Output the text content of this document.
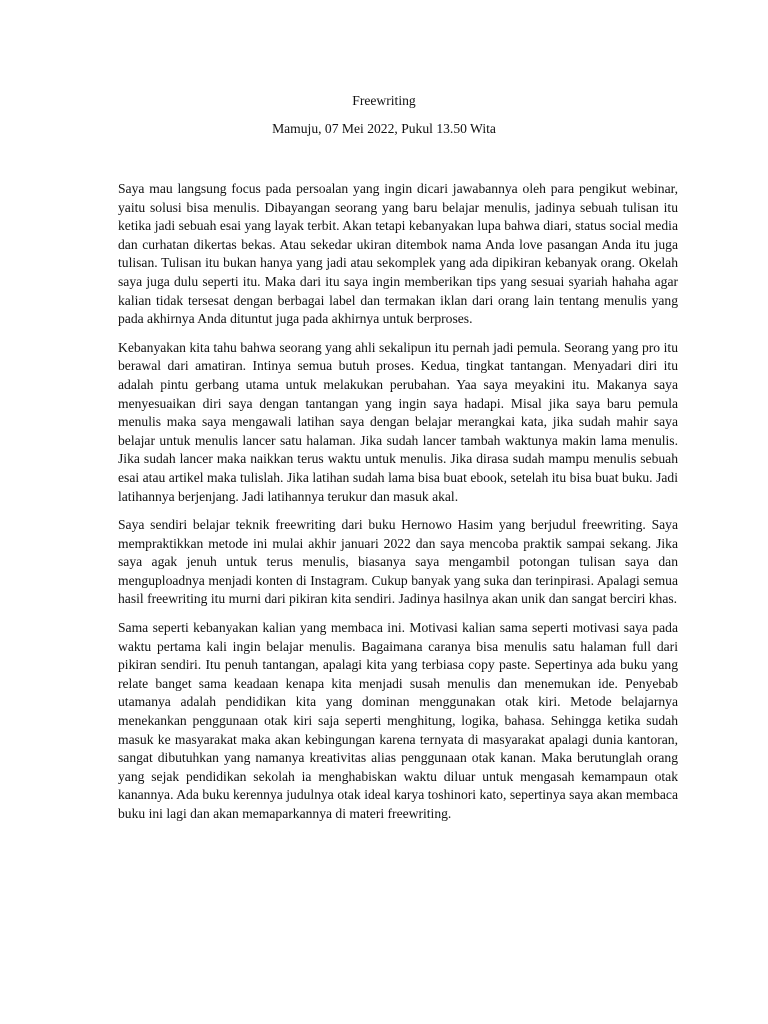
Freewriting
Mamuju, 07 Mei 2022, Pukul 13.50 Wita

Saya mau langsung focus pada persoalan yang ingin dicari jawabannya oleh para pengikut webinar, yaitu solusi bisa menulis. Dibayangan seorang yang baru belajar menulis, jadinya sebuah tulisan itu ketika jadi sebuah esai yang layak terbit. Akan tetapi kebanyakan lupa bahwa diari, status social media dan curhatan dikertas bekas. Atau sekedar ukiran ditembok nama Anda love pasangan Anda itu juga tulisan. Tulisan itu bukan hanya yang jadi atau sekomplek yang ada dipikiran kebanyak orang. Okelah saya juga dulu seperti itu. Maka dari itu saya ingin memberikan tips yang sesuai syariah hahaha agar kalian tidak tersesat dengan berbagai label dan termakan iklan dari orang lain tentang menulis yang pada akhirnya Anda dituntut juga pada akhirnya untuk berproses.

Kebanyakan kita tahu bahwa seorang yang ahli sekalipun itu pernah jadi pemula. Seorang yang pro itu berawal dari amatiran. Intinya semua butuh proses. Kedua, tingkat tantangan. Menyadari diri itu adalah pintu gerbang utama untuk melakukan perubahan. Yaa saya meyakini itu. Makanya saya menyesuaikan diri saya dengan tantangan yang ingin saya hadapi. Misal jika saya baru pemula menulis maka saya mengawali latihan saya dengan belajar merangkai kata, jika sudah mahir saya belajar untuk menulis lancer satu halaman. Jika sudah lancer tambah waktunya makin lama menulis. Jika sudah lancer maka naikkan terus waktu untuk menulis. Jika dirasa sudah mampu menulis sebuah esai atau artikel maka tulislah. Jika latihan sudah lama bisa buat ebook, setelah itu bisa buat buku. Jadi latihannya berjenjang. Jadi latihannya terukur dan masuk akal.

Saya sendiri belajar teknik freewriting dari buku Hernowo Hasim yang berjudul freewriting. Saya mempraktikkan metode ini mulai akhir januari 2022 dan saya mencoba praktik sampai sekang. Jika saya agak jenuh untuk terus menulis, biasanya saya mengambil potongan tulisan saya dan menguploadnya menjadi konten di Instagram. Cukup banyak yang suka dan terinpirasi. Apalagi semua hasil freewriting itu murni dari pikiran kita sendiri. Jadinya hasilnya akan unik dan sangat berciri khas.

Sama seperti kebanyakan kalian yang membaca ini. Motivasi kalian sama seperti motivasi saya pada waktu pertama kali ingin belajar menulis. Bagaimana caranya bisa menulis satu halaman full dari pikiran sendiri. Itu penuh tantangan, apalagi kita yang terbiasa copy paste. Sepertinya ada buku yang relate banget sama keadaan kenapa kita menjadi susah menulis dan menemukan ide. Penyebab utamanya adalah pendidikan kita yang dominan menggunakan otak kiri. Metode belajarnya menekankan penggunaan otak kiri saja seperti menghitung, logika, bahasa. Sehingga ketika sudah masuk ke masyarakat maka akan kebingungan karena ternyata di masyarakat apalagi dunia kantoran, sangat dibutuhkan yang namanya kreativitas alias penggunaan otak kanan. Maka berutunglah orang yang sejak pendidikan sekolah ia menghabiskan waktu diluar untuk mengasah kemampaun otak kanannya. Ada buku kerennya judulnya otak ideal karya toshinori kato, sepertinya saya akan membaca buku ini lagi dan akan memaparkannya di materi freewriting.
